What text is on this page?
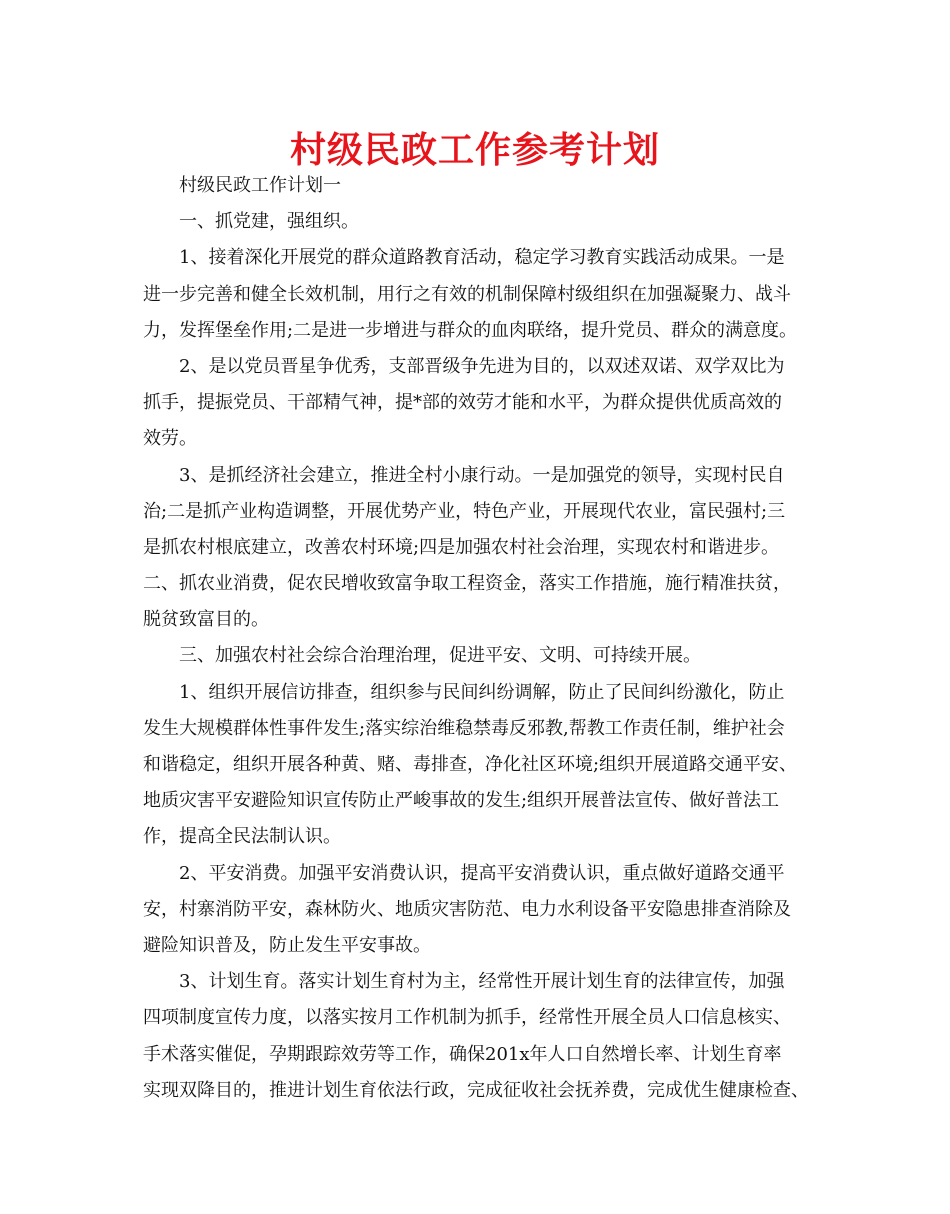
村级民政工作参考计划
村级民政工作计划一
一、抓党建，强组织。
1、接着深化开展党的群众道路教育活动，稳定学习教育实践活动成果。一是
进一步完善和健全长效机制，用行之有效的机制保障村级组织在加强凝聚力、战斗
力，发挥堡垒作用;二是进一步增进与群众的血肉联络，提升党员、群众的满意度。
2、是以党员晋星争优秀，支部晋级争先进为目的，以双述双诺、双学双比为
抓手，提振党员、干部精气神，提*部的效劳才能和水平，为群众提供优质高效的
效劳。
3、是抓经济社会建立，推进全村小康行动。一是加强党的领导，实现村民自
治;二是抓产业构造调整，开展优势产业，特色产业，开展现代农业，富民强村;三
是抓农村根底建立，改善农村环境;四是加强农村社会治理，实现农村和谐进步。
二、抓农业消费，促农民增收致富争取工程资金，落实工作措施，施行精准扶贫，
脱贫致富目的。
三、加强农村社会综合治理治理，促进平安、文明、可持续开展。
1、组织开展信访排查，组织参与民间纠纷调解，防止了民间纠纷激化，防止
发生大规模群体性事件发生;落实综治维稳禁毒反邪教,帮教工作责任制，维护社会
和谐稳定，组织开展各种黄、赌、毒排查，净化社区环境;组织开展道路交通平安、
地质灾害平安避险知识宣传防止严峻事故的发生;组织开展普法宣传、做好普法工
作，提高全民法制认识。
2、平安消费。加强平安消费认识，提高平安消费认识，重点做好道路交通平
安，村寨消防平安，森林防火、地质灾害防范、电力水利设备平安隐患排查消除及
避险知识普及，防止发生平安事故。
3、计划生育。落实计划生育村为主，经常性开展计划生育的法律宣传，加强
四项制度宣传力度，以落实按月工作机制为抓手，经常性开展全员人口信息核实、
手术落实催促，孕期跟踪效劳等工作，确保201x年人口自然增长率、计划生育率
实现双降目的，推进计划生育依法行政，完成征收社会抚养费，完成优生健康检查、
